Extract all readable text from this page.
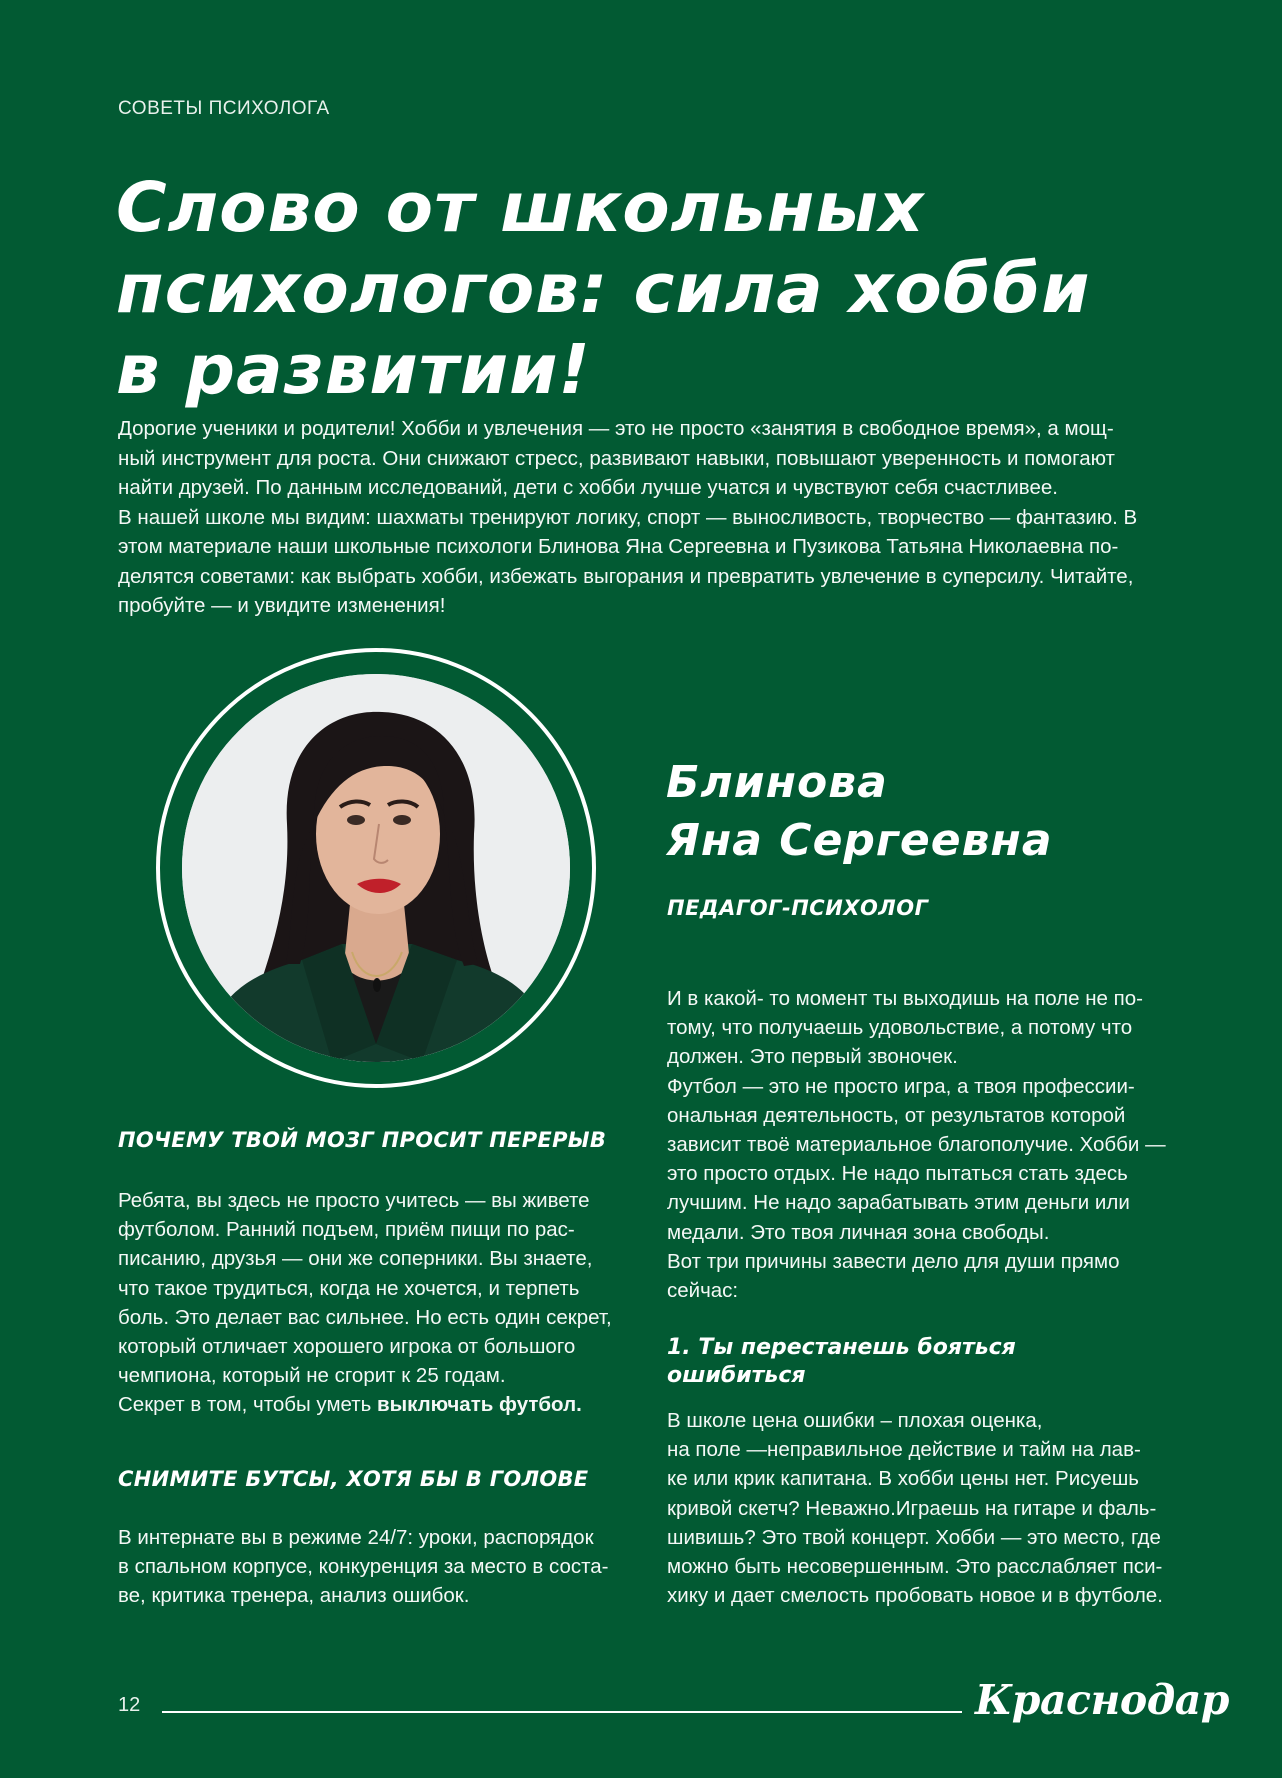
СОВЕТЫ ПСИХОЛОГА
Слово от школьных
психологов: сила хобби
в развитии!

Дорогие ученики и родители! Хобби и увлечения — это не просто «занятия в свободное время», а мощ-

ный инструмент для роста. Они снижают стресс, развивают навыки, повышают уверенность и помогают

найти друзей. По данным исследований, дети с хобби лучше учатся и чувствуют себя счастливее.

В нашей школе мы видим: шахматы тренируют логику, спорт — выносливость, творчество — фантазию. В

этом материале наши школьные психологи Блинова Яна Сергеевна и Пузикова Татьяна Николаевна по-

делятся советами: как выбрать хобби, избежать выгорания и превратить увлечение в суперсилу. Читайте,

пробуйте — и увидите изменения!

Блинова
Яна Сергеевна
ПЕДАГОГ-ПСИХОЛОГ
ПОЧЕМУ ТВОЙ МОЗГ ПРОСИТ ПЕРЕРЫВ

Ребята, вы здесь не просто учитесь — вы живете

футболом. Ранний подъем, приём пищи по рас-

писанию, друзья — они же соперники. Вы знаете,

что такое трудиться, когда не хочется, и терпеть

боль. Это делает вас сильнее. Но есть один секрет,

который отличает хорошего игрока от большого

чемпиона, который не сгорит к 25 годам.

Секрет в том, чтобы уметь выключать футбол.

СНИМИТЕ БУТСЫ, ХОТЯ БЫ В ГОЛОВЕ

В интернате вы в режиме 24/7: уроки, распорядок

в спальном корпусе, конкуренция за место в соста-

ве, критика тренера, анализ ошибок.

И в какой- то момент ты выходишь на поле не по-

тому, что получаешь удовольствие, а потому что

должен. Это первый звоночек.

Футбол — это не просто игра, а твоя профессии-

ональная деятельность, от результатов которой

зависит твоё материальное благополучие. Хобби —

это просто отдых. Не надо пытаться стать здесь

лучшим. Не надо зарабатывать этим деньги или

медали. Это твоя личная зона свободы.

Вот три причины завести дело для души прямо

сейчас:

1. Ты перестанешь бояться
ошибиться

В школе цена ошибки – плохая оценка,

на поле —неправильное действие и тайм на лав-

ке или крик капитана. В хобби цены нет. Рисуешь

кривой скетч? Неважно.Играешь на гитаре и фаль-

шивишь? Это твой концерт. Хобби — это место, где

можно быть несовершенным. Это расслабляет пси-

хику и дает смелость пробовать новое и в футболе.

12	Краснодар
